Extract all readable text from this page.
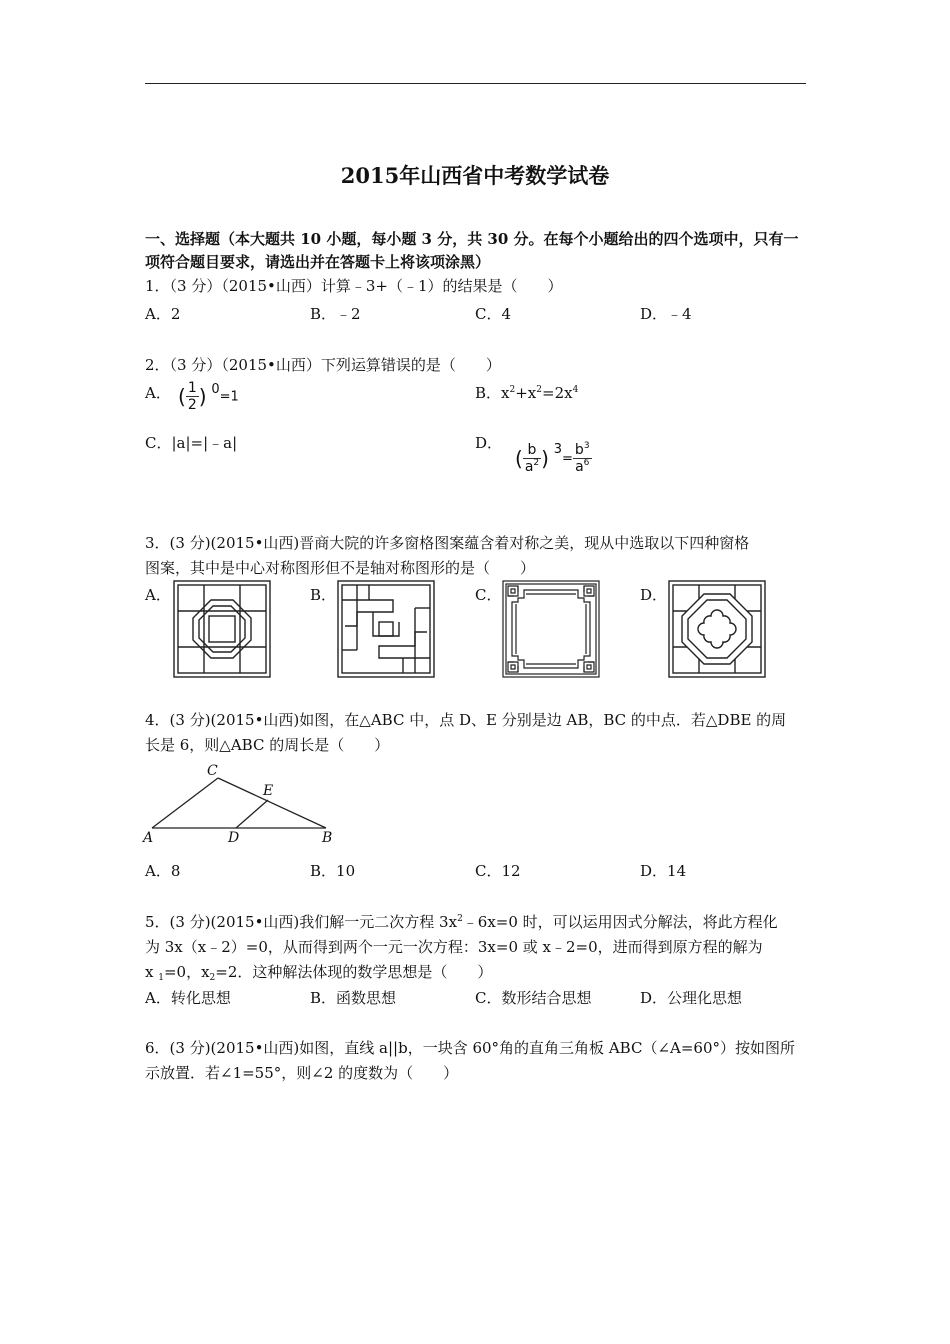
2015年山西省中考数学试卷
一、选择题（本大题共 10 小题，每小题 3 分，共 30 分。在每个小题给出的四个选项中，只有一
项符合题目要求，请选出并在答题卡上将该项涂黑）
1．（3 分）（2015•山西）计算﹣3+（﹣1）的结果是（　　）
A．2	B．﹣2	C．4	D．﹣4
2．（3 分）（2015•山西）下列运算错误的是（　　）
A． ( $\frac{1}{2}$ ) 0=1	B．$x^2+x^2=2x^4$
C．|a|=|﹣a|	D．
( $\frac{b}{a^2}$ ) $3= \frac{b^3}{a^6}$
3．(3 分)(2015•山西)晋商大院的许多窗格图案蕴含着对称之美，现从中选取以下四种窗格
图案，其中是中心对称图形但不是轴对称图形的是（　　）
A．	B．	C．	D．
4．(3 分)(2015•山西)如图，在△ABC 中，点 D、E 分别是边 AB，BC 的中点．若△DBE 的周
长是 6，则△ABC 的周长是（　　）
C
E
A	D	B
A．8	B．10	C．12	D．14
5．(3 分)(2015•山西)我们解一元二次方程 $3x^2﹣6x=0$ 时，可以运用因式分解法，将此方程化
为 3x（x﹣2）=0，从而得到两个一元一次方程：3x=0 或 x﹣2=0，进而得到原方程的解为
x $_1$=0，$x_2=2$．这种解法体现的数学思想是（　　）
A．转化思想	B．函数思想	C．数形结合思想	D．公理化思想
6．(3 分)(2015•山西)如图，直线 a||b，一块含 60°角的直角三角板 ABC（∠A=60°）按如图所
示放置．若∠1=55°，则∠2 的度数为（　　）
